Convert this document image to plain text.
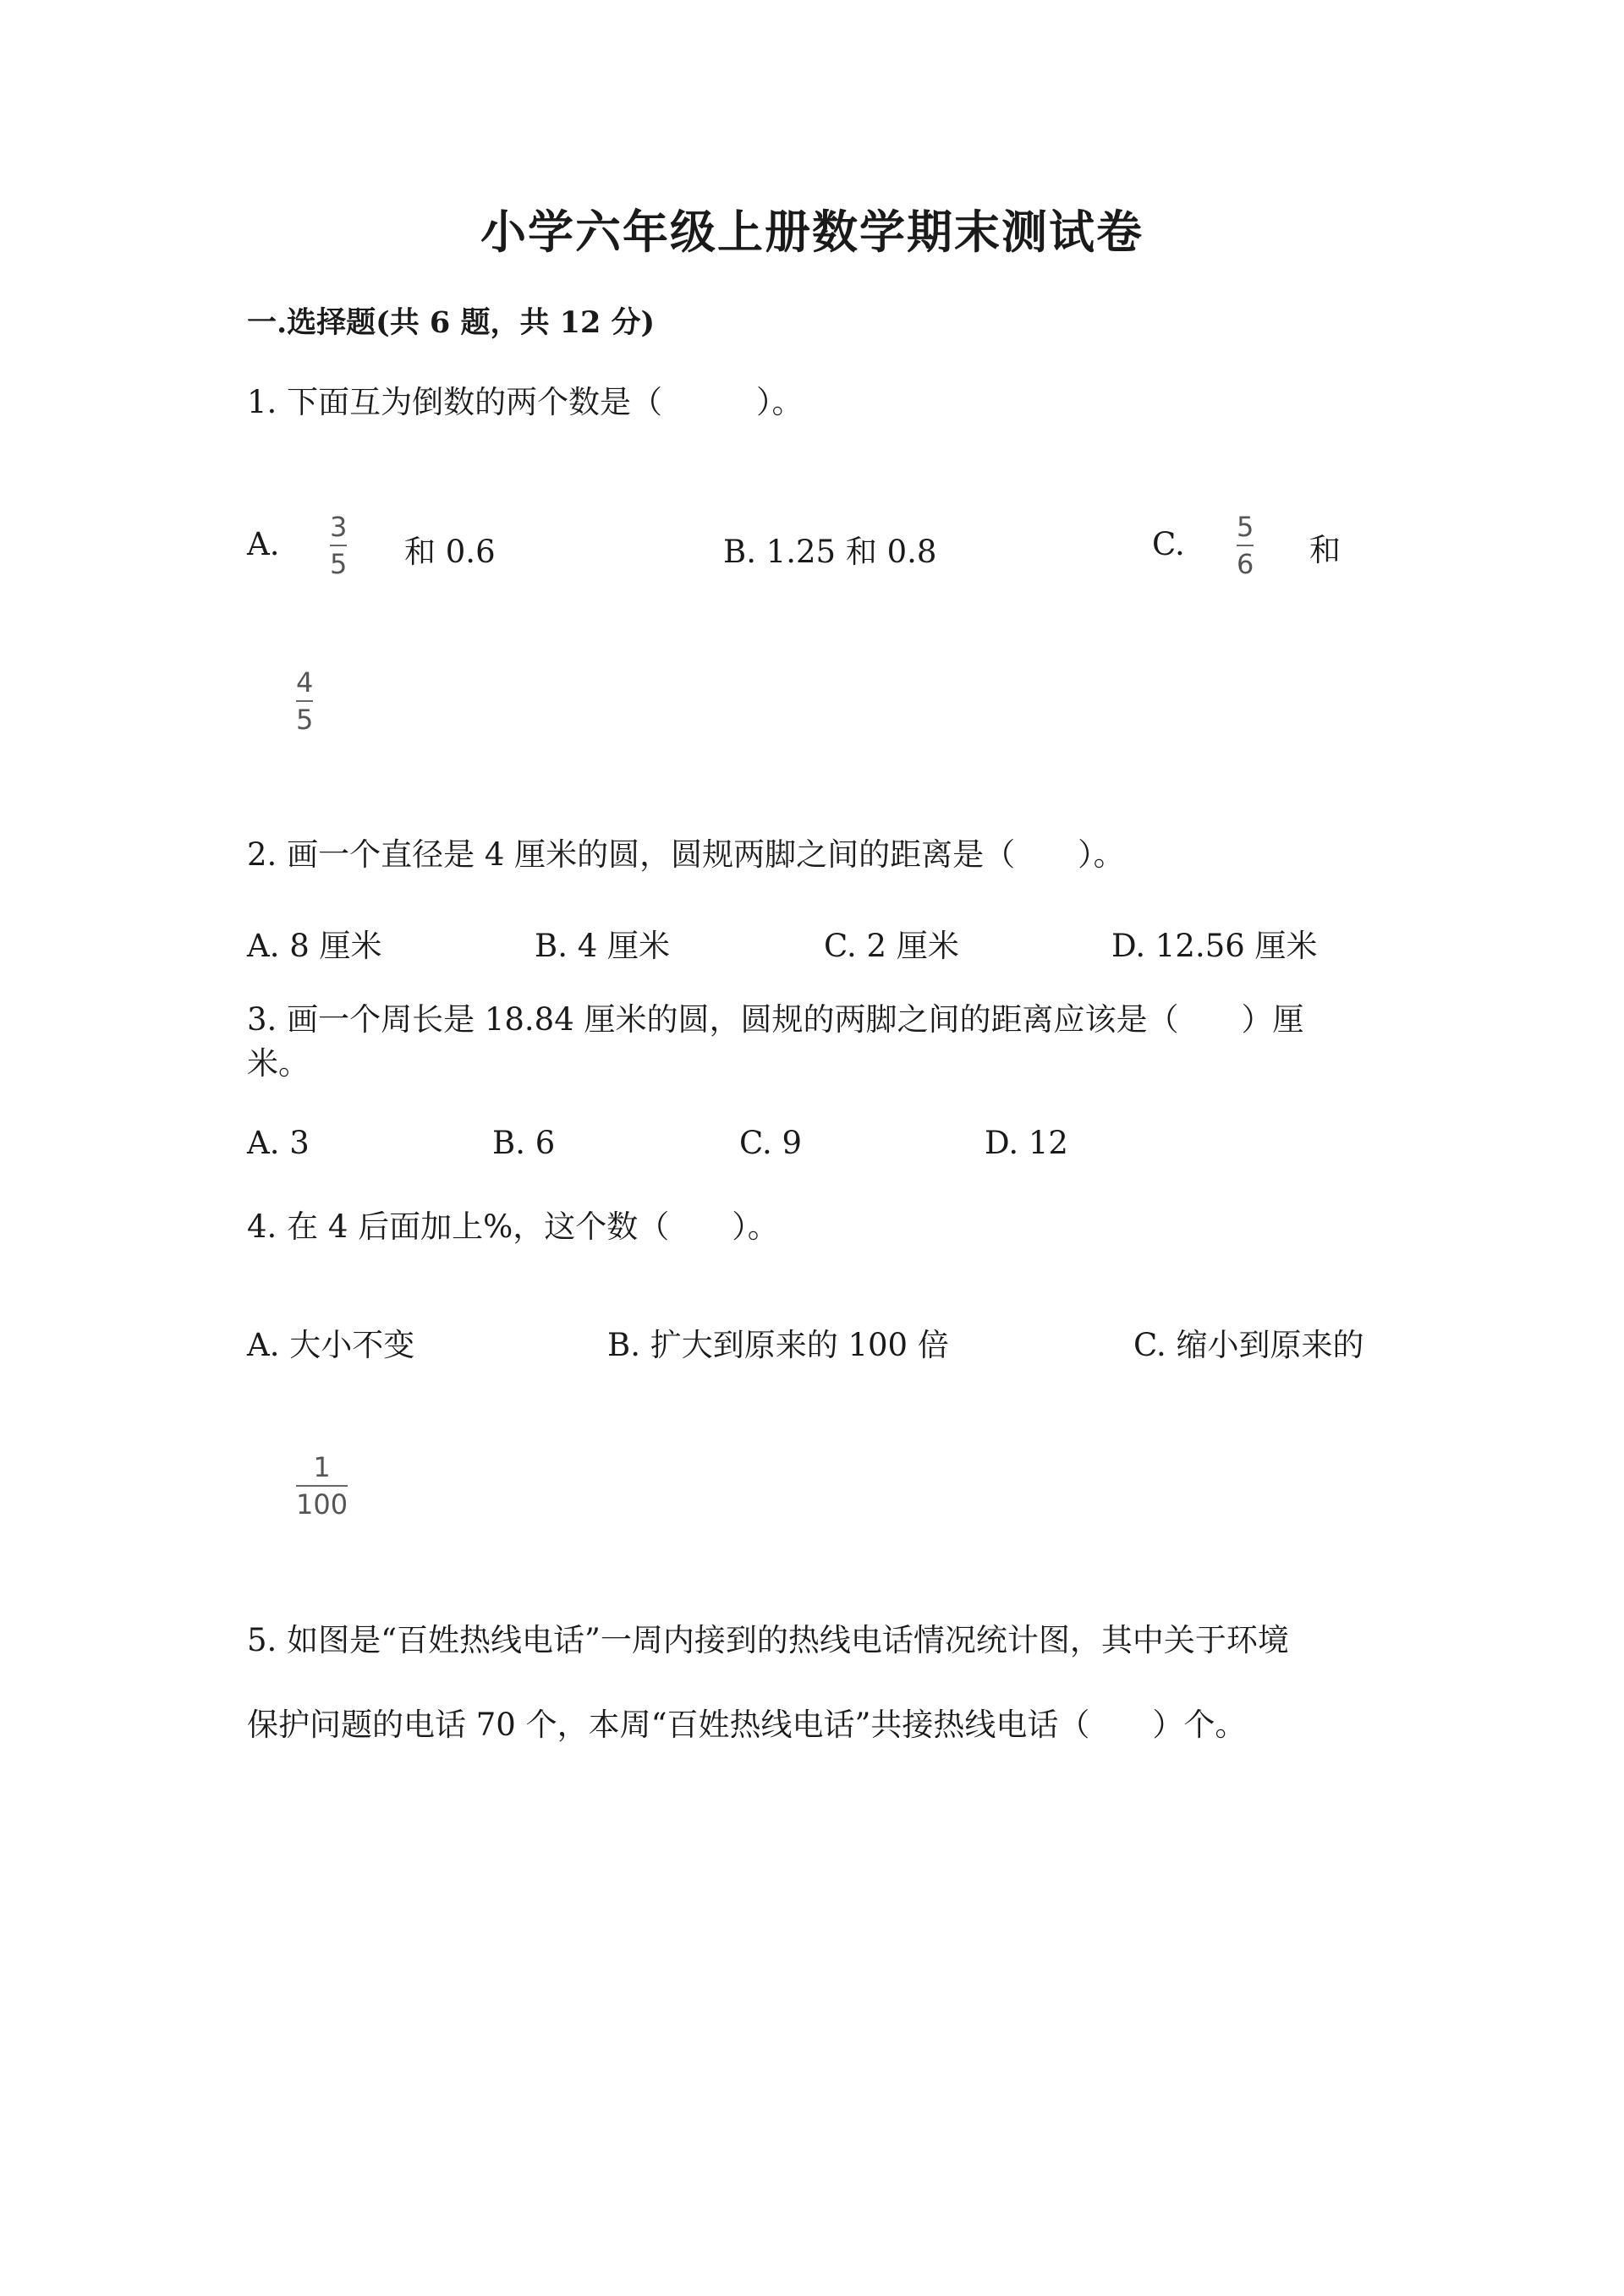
小学六年级上册数学期末测试卷
一.选择题(共 6 题，共 12 分)
1. 下面互为倒数的两个数是（　　　）。
A. 3
5 和 0.6	B. 1.25 和 0.8	C. 5
6 和
4
5
2. 画一个直径是 4 厘米的圆，圆规两脚之间的距离是（　　）。
A. 8 厘米	B. 4 厘米	C. 2 厘米	D. 12.56 厘米
3. 画一个周长是 18.84 厘米的圆，圆规的两脚之间的距离应该是（　　）厘
米。
A. 3	B. 6	C. 9	D. 12
4. 在 4 后面加上%，这个数（　　）。
A. 大小不变	B. 扩大到原来的 100 倍	C. 缩小到原来的
1
100
5. 如图是“百姓热线电话”一周内接到的热线电话情况统计图，其中关于环境
保护问题的电话 70 个，本周“百姓热线电话”共接热线电话（　　）个。
